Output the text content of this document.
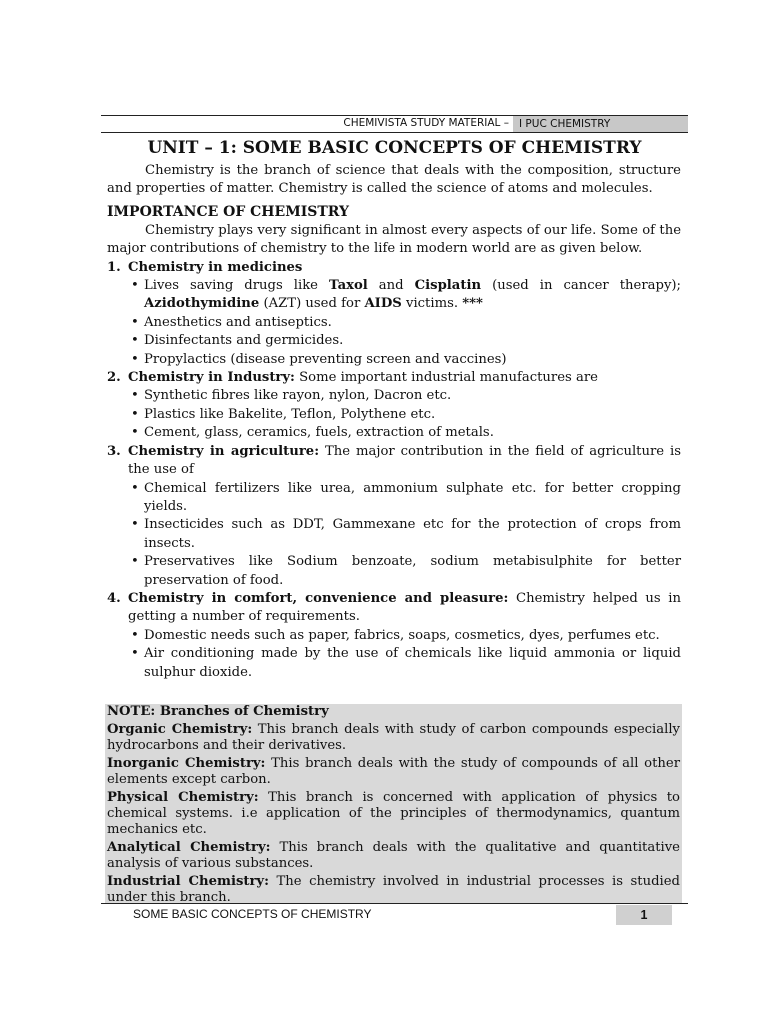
CHEMIVISTA STUDY MATERIAL – I PUC CHEMISTRY
UNIT – 1: SOME BASIC CONCEPTS OF CHEMISTRY

Chemistry is the branch of science that deals with the composition, structure and properties of matter. Chemistry is called the science of atoms and molecules.

IMPORTANCE OF CHEMISTRY

Chemistry plays very significant in almost every aspects of our life. Some of the major contributions of chemistry to the life in modern world are as given below.

1. Chemistry in medicines
• Lives saving drugs like Taxol and Cisplatin (used in cancer therapy); Azidothymidine (AZT) used for AIDS victims. ***
• Anesthetics and antiseptics.
• Disinfectants and germicides.
• Propylactics (disease preventing screen and vaccines)
2. Chemistry in Industry: Some important industrial manufactures are
• Synthetic fibres like rayon, nylon, Dacron etc.
• Plastics like Bakelite, Teflon, Polythene etc.
• Cement, glass, ceramics, fuels, extraction of metals.
3. Chemistry in agriculture: The major contribution in the field of agriculture is the use of
• Chemical fertilizers like urea, ammonium sulphate etc. for better cropping yields.
• Insecticides such as DDT, Gammexane etc for the protection of crops from insects.
• Preservatives like Sodium benzoate, sodium metabisulphite for better preservation of food.
4. Chemistry in comfort, convenience and pleasure: Chemistry helped us in getting a number of requirements.
• Domestic needs such as paper, fabrics, soaps, cosmetics, dyes, perfumes etc.
• Air conditioning made by the use of chemicals like liquid ammonia or liquid sulphur dioxide.

NOTE: Branches of Chemistry

Organic Chemistry: This branch deals with study of carbon compounds especially hydrocarbons and their derivatives.

Inorganic Chemistry: This branch deals with the study of compounds of all other elements except carbon.

Physical Chemistry: This branch is concerned with application of physics to chemical systems. i.e application of the principles of thermodynamics, quantum mechanics etc.

Analytical Chemistry: This branch deals with the qualitative and quantitative analysis of various substances.

Industrial Chemistry: The chemistry involved in industrial processes is studied under this branch.

SOME BASIC CONCEPTS OF CHEMISTRY	1
